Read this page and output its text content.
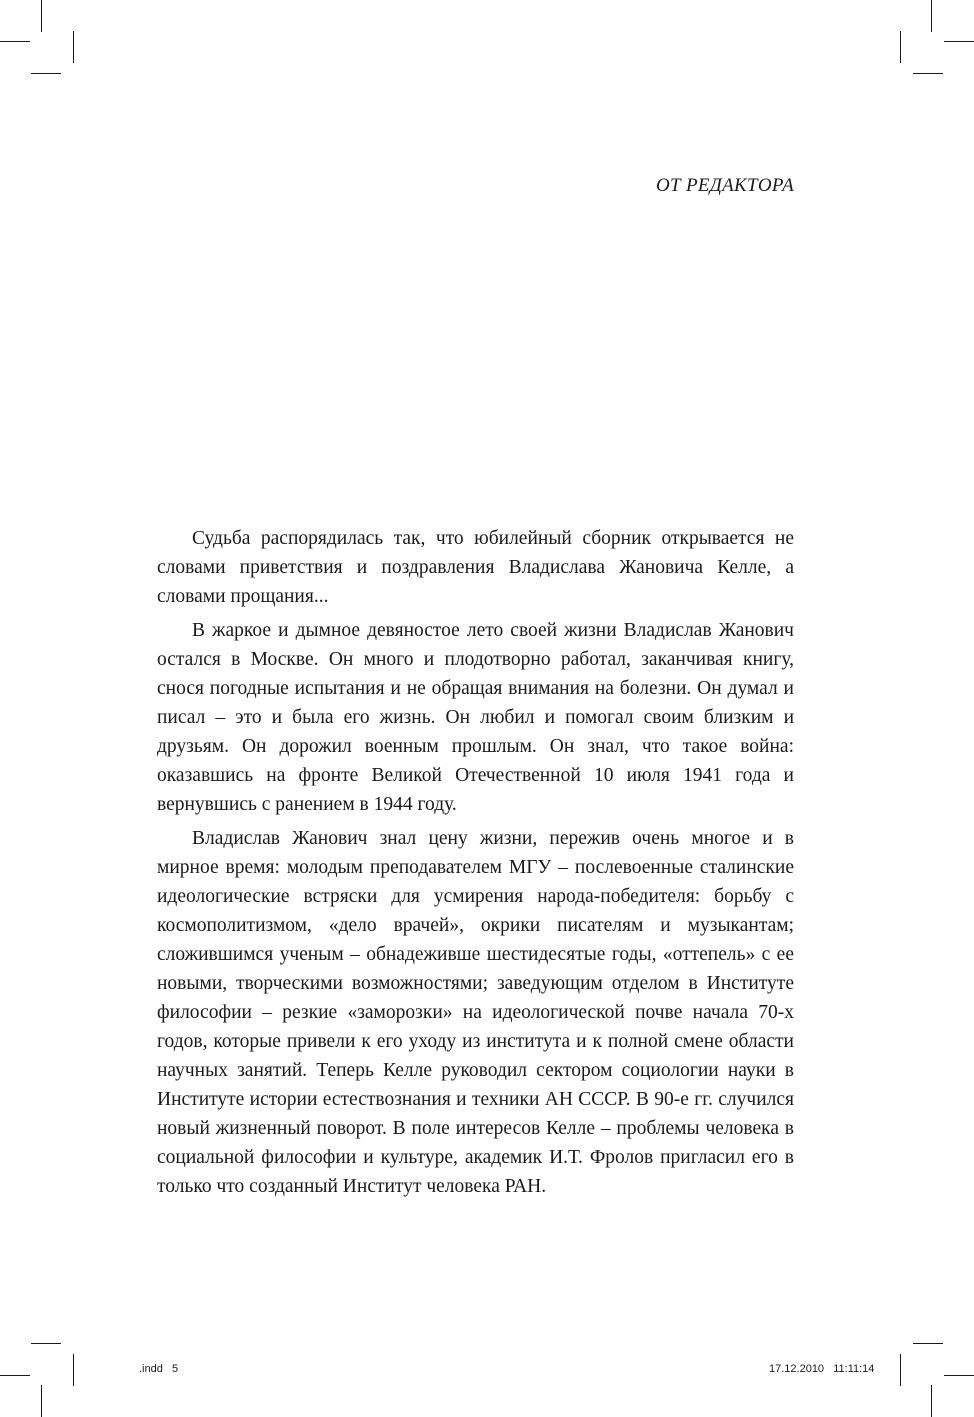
ОТ РЕДАКТОРА

Судьба распорядилась так, что юбилейный сборник открывается не словами приветствия и поздравления Владислава Жановича Келле, а словами прощания...

В жаркое и дымное девяностое лето своей жизни Владислав Жанович остался в Москве. Он много и плодотворно работал, заканчивая книгу, снося погодные испытания и не обращая внимания на болезни. Он думал и писал – это и была его жизнь. Он любил и помогал своим близким и друзьям. Он дорожил военным прошлым. Он знал, что такое война: оказавшись на фронте Великой Отечественной 10 июля 1941 года и вернувшись с ранением в 1944 году.

Владислав Жанович знал цену жизни, пережив очень многое и в мирное время: молодым преподавателем МГУ – послевоенные сталинские идеологические встряски для усмирения народа-победителя: борьбу с космополитизмом, «дело врачей», окрики писателям и музыкантам; сложившимся ученым – обнадеживше шестидесятые годы, «оттепель» с ее новыми, творческими возможностями; заведующим отделом в Институте философии – резкие «заморозки» на идеологической почве начала 70-х годов, которые привели к его уходу из института и к полной смене области научных занятий. Теперь Келле руководил сектором социологии науки в Институте истории естествознания и техники АН СССР. В 90-е гг. случился новый жизненный поворот. В поле интересов Келле – проблемы человека в социальной философии и культуре, академик И.Т. Фролов пригласил его в только что созданный Институт человека РАН.

.indd   5	17.12.2010   11:11:14
